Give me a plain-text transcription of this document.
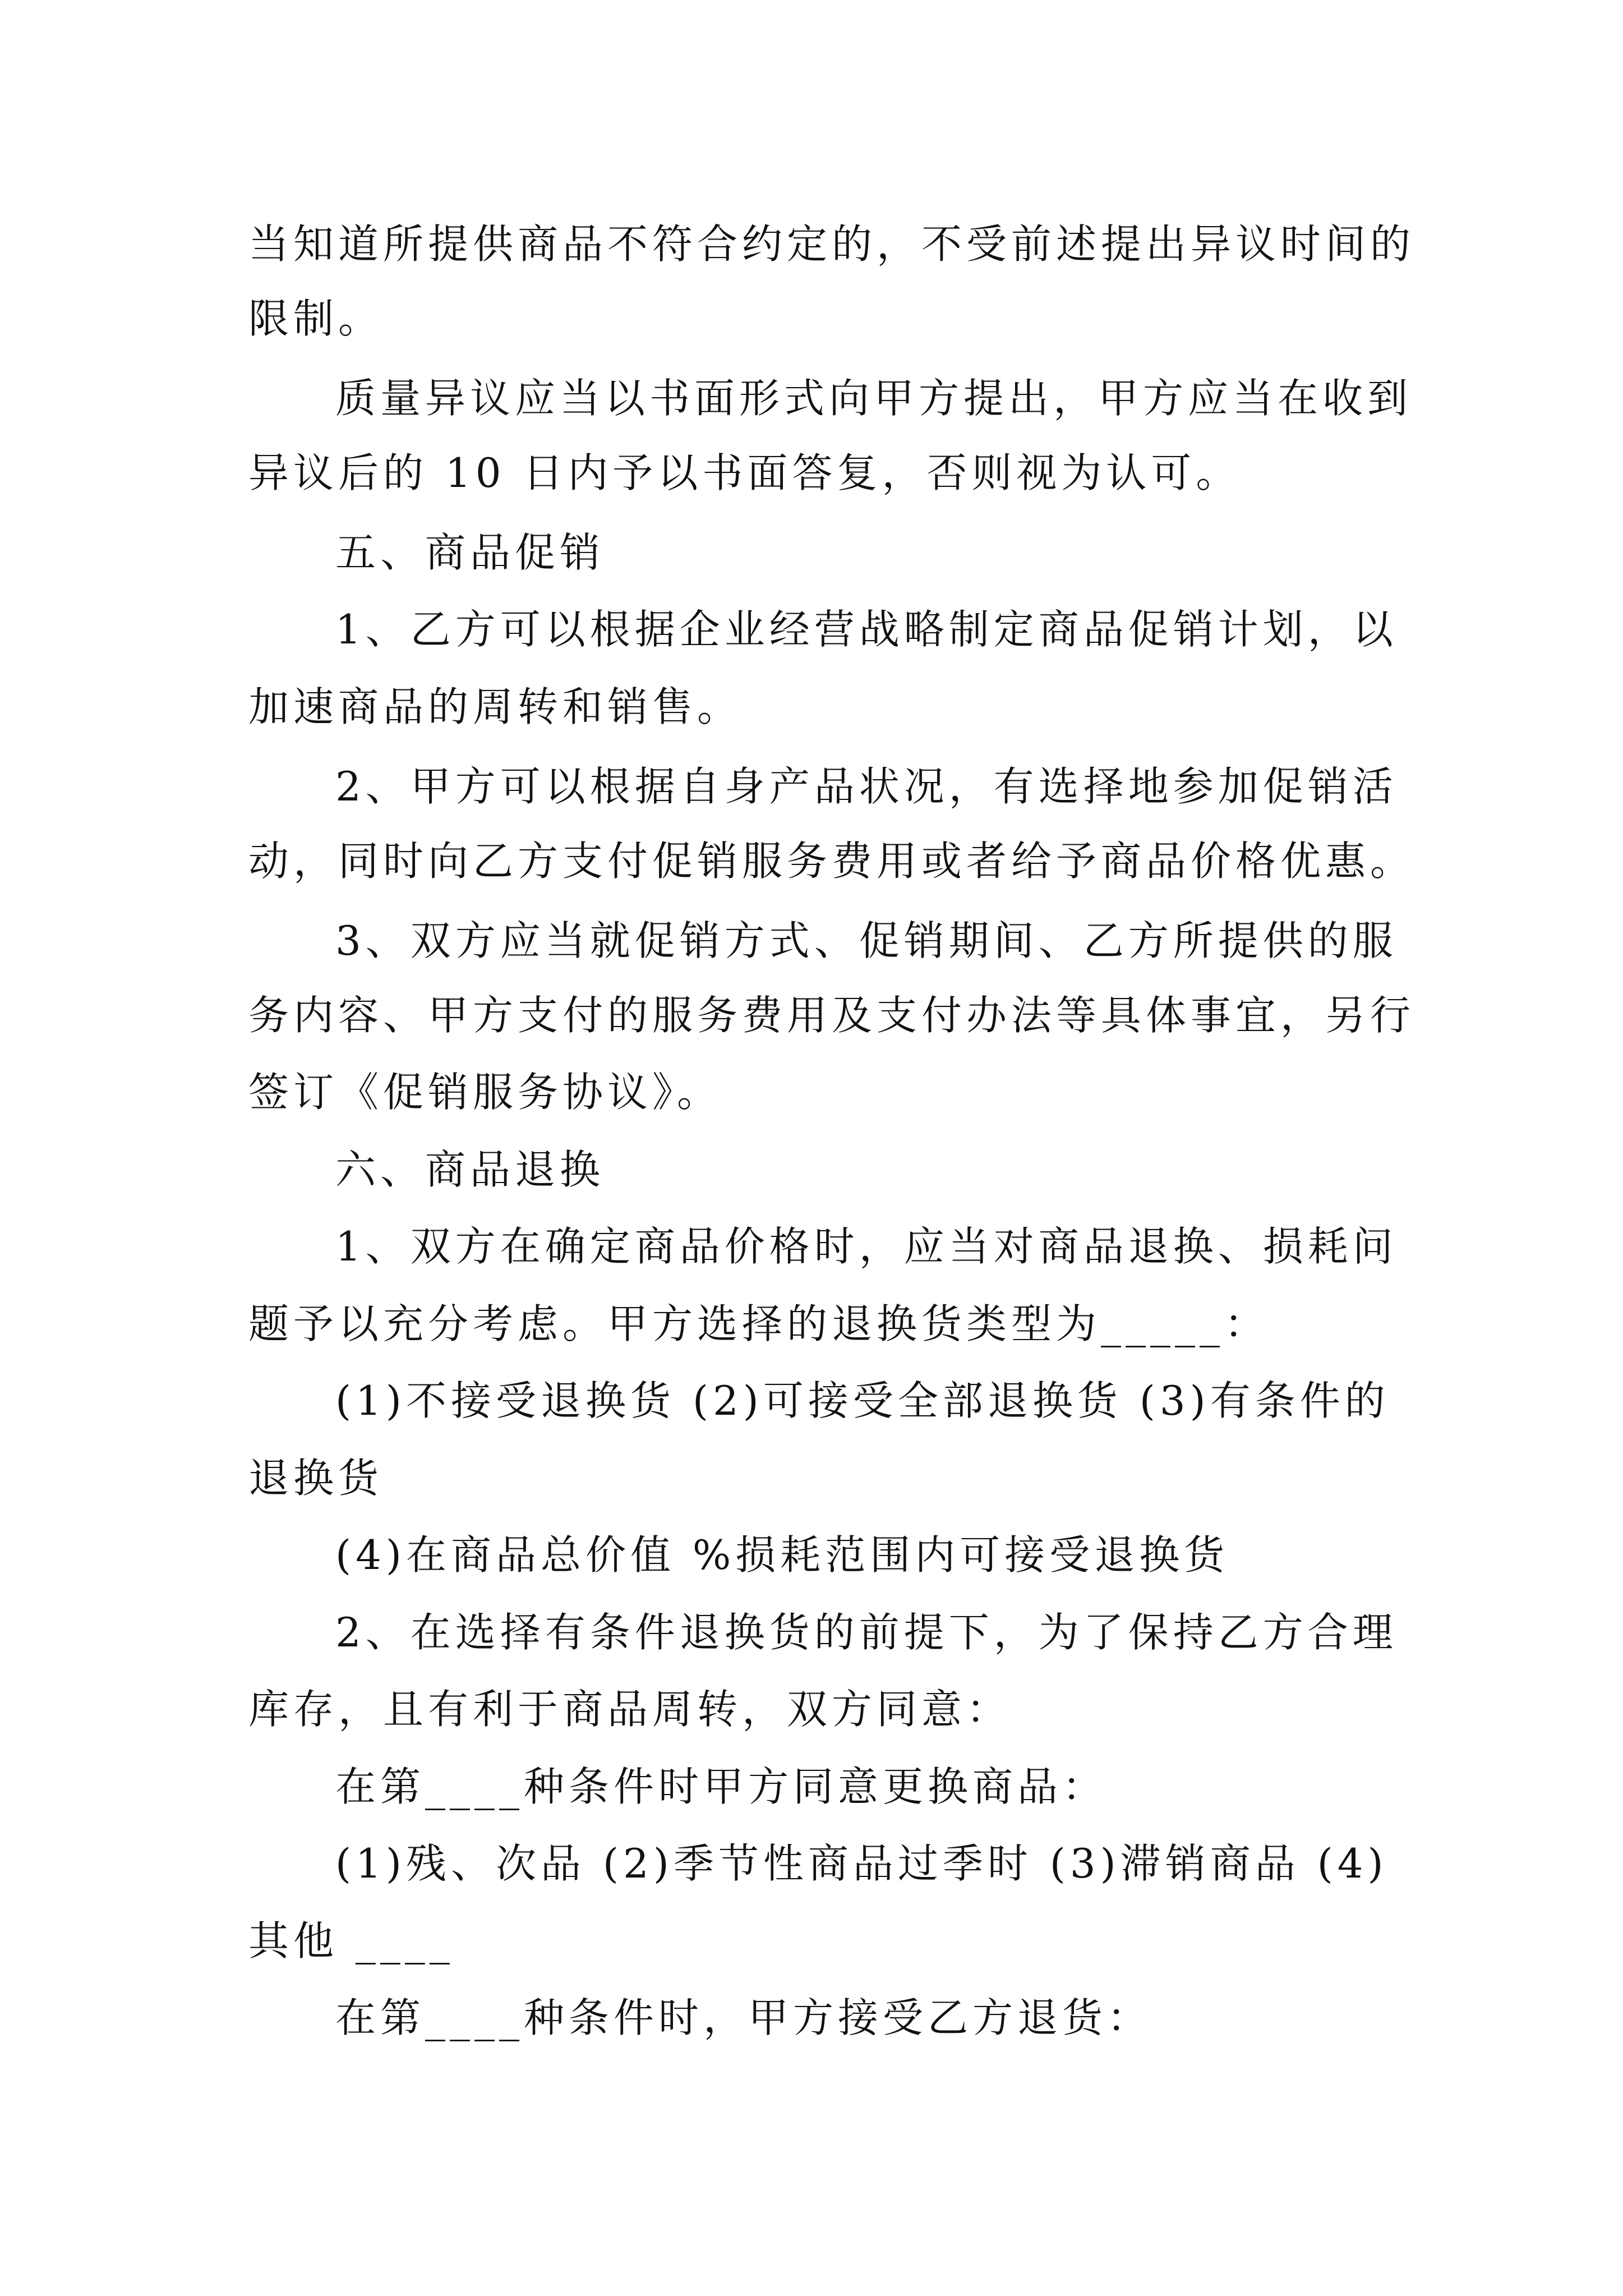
当知道所提供商品不符合约定的，不受前述提出异议时间的
限制。
质量异议应当以书面形式向甲方提出，甲方应当在收到
异议后的 10 日内予以书面答复，否则视为认可。
五、商品促销
1、乙方可以根据企业经营战略制定商品促销计划，以
加速商品的周转和销售。
2、甲方可以根据自身产品状况，有选择地参加促销活
动，同时向乙方支付促销服务费用或者给予商品价格优惠。
3、双方应当就促销方式、促销期间、乙方所提供的服
务内容、甲方支付的服务费用及支付办法等具体事宜，另行
签订《促销服务协议》。
六、商品退换
1、双方在确定商品价格时，应当对商品退换、损耗问
题予以充分考虑。甲方选择的退换货类型为_____：
(1)不接受退换货 (2)可接受全部退换货 (3)有条件的
退换货
(4)在商品总价值 %损耗范围内可接受退换货
2、在选择有条件退换货的前提下，为了保持乙方合理
库存，且有利于商品周转，双方同意：
在第____种条件时甲方同意更换商品：
(1)残、次品 (2)季节性商品过季时 (3)滞销商品 (4)
其他 ____
在第____种条件时，甲方接受乙方退货：
